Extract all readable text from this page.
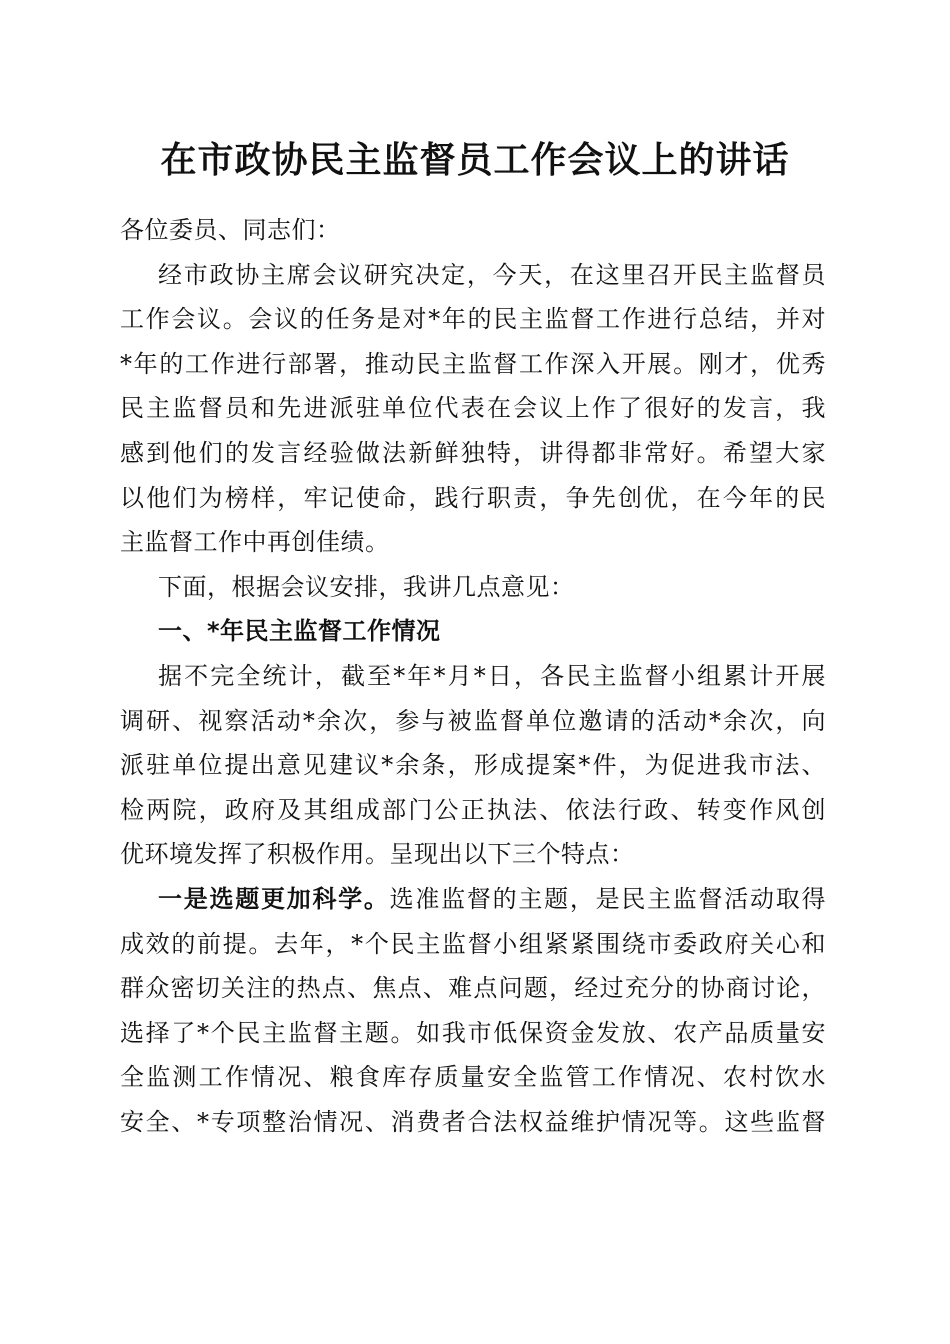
在市政协民主监督员工作会议上的讲话
各位委员、同志们：
经市政协主席会议研究决定，今天，在这里召开民主监督员
工作会议。会议的任务是对*年的民主监督工作进行总结，并对
*年的工作进行部署，推动民主监督工作深入开展。刚才，优秀
民主监督员和先进派驻单位代表在会议上作了很好的发言，我
感到他们的发言经验做法新鲜独特，讲得都非常好。希望大家
以他们为榜样，牢记使命，践行职责，争先创优，在今年的民
主监督工作中再创佳绩。
下面，根据会议安排，我讲几点意见：
一、*年民主监督工作情况
据不完全统计，截至*年*月*日，各民主监督小组累计开展
调研、视察活动*余次，参与被监督单位邀请的活动*余次，向
派驻单位提出意见建议*余条，形成提案*件，为促进我市法、
检两院，政府及其组成部门公正执法、依法行政、转变作风创
优环境发挥了积极作用。呈现出以下三个特点：
一是选题更加科学。选准监督的主题，是民主监督活动取得
成效的前提。去年，*个民主监督小组紧紧围绕市委政府关心和
群众密切关注的热点、焦点、难点问题，经过充分的协商讨论，
选择了*个民主监督主题。如我市低保资金发放、农产品质量安
全监测工作情况、粮食库存质量安全监管工作情况、农村饮水
安全、*专项整治情况、消费者合法权益维护情况等。这些监督
